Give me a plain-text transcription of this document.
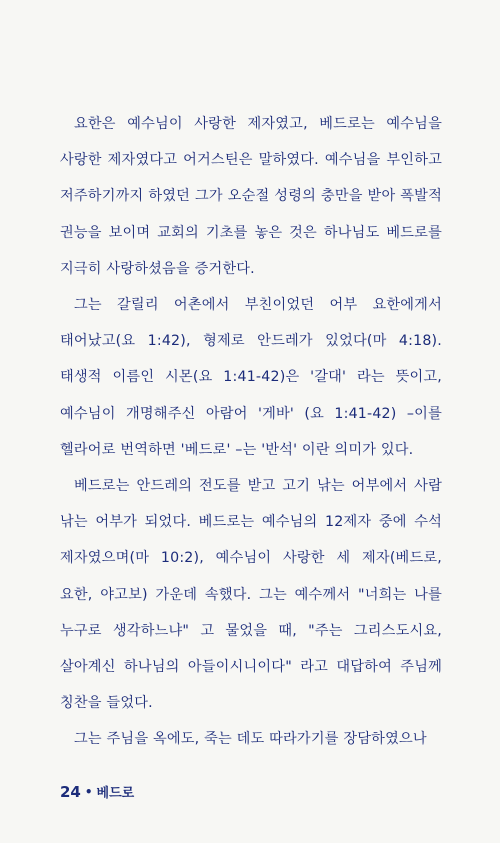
요한은 예수님이 사랑한 제자였고, 베드로는 예수님을 사랑한 제자였다고 어거스틴은 말하였다. 예수님을 부인하고 저주하기까지 하였던 그가 오순절 성령의 충만을 받아 폭발적 권능을 보이며 교회의 기초를 놓은 것은 하나님도 베드로를 지극히 사랑하셨음을 증거한다.

그는 갈릴리 어촌에서 부친이었던 어부 요한에게서 태어났고(요 1:42), 형제로 안드레가 있었다(마 4:18). 태생적 이름인 시몬(요 1:41-42)은 '갈대' 라는 뜻이고, 예수님이 개명해주신 아람어 '게바' (요 1:41-42) –이를 헬라어로 번역하면 '베드로' –는 '반석' 이란 의미가 있다.

베드로는 안드레의 전도를 받고 고기 낚는 어부에서 사람 낚는 어부가 되었다. 베드로는 예수님의 12제자 중에 수석 제자였으며(마 10:2), 예수님이 사랑한 세 제자(베드로, 요한, 야고보) 가운데 속했다. 그는 예수께서 "너희는 나를 누구로 생각하느냐" 고 물었을 때, "주는 그리스도시요, 살아계신 하나님의 아들이시니이다" 라고 대답하여 주님께 칭찬을 들었다.

그는 주님을 옥에도, 죽는 데도 따라가기를 장담하였으나

24 • 베드로
